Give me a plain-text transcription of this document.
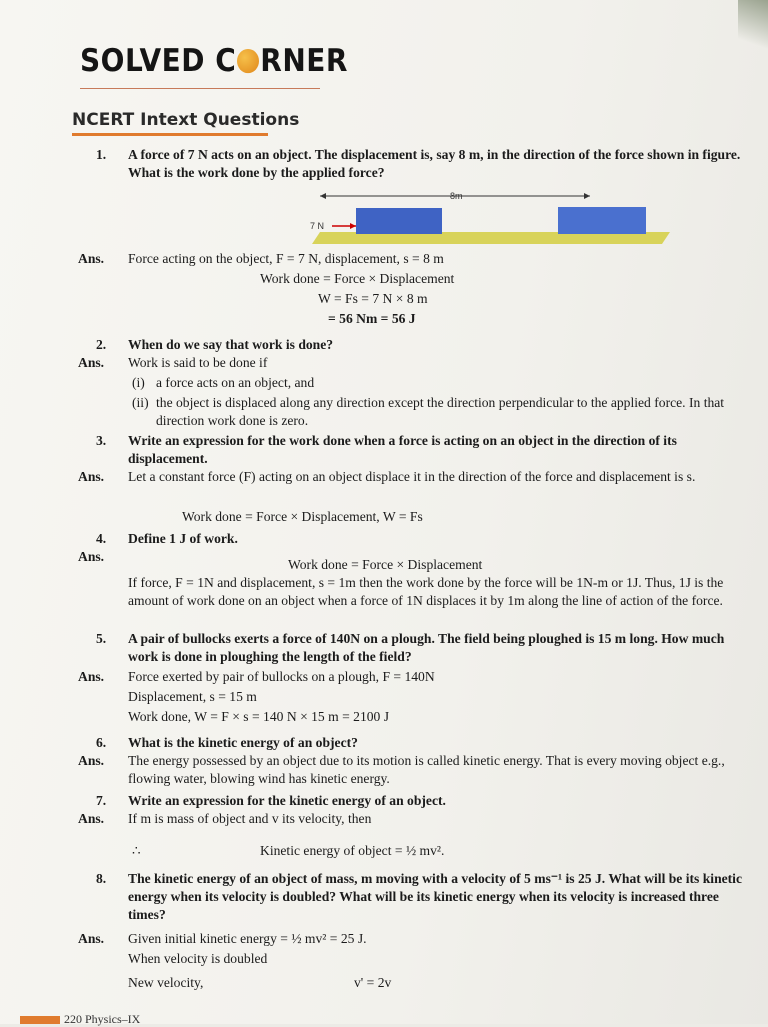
SOLVED C RNER
NCERT Intext Questions
1. A force of 7 N acts on an object. The displacement is, say 8 m, in the direction of the force shown in figure. What is the work done by the applied force?
8m
7 N
Ans. Force acting on the object, F = 7 N, displacement, s = 8 m
Work done = Force × Displacement
W = Fs = 7 N × 8 m
= 56 Nm = 56 J
2. When do we say that work is done?
Ans. Work is said to be done if
(i) a force acts on an object, and
(ii) the object is displaced along any direction except the direction perpendicular to the applied force. In that direction work done is zero.
3. Write an expression for the work done when a force is acting on an object in the direction of its displacement.
Ans. Let a constant force (F) acting on an object displace it in the direction of the force and displacement is s.
Work done = Force × Displacement, W = Fs
4. Define 1 J of work.
Ans.
Work done = Force × Displacement
If force, F = 1N and displacement, s = 1m then the work done by the force will be 1N-m or 1J. Thus, 1J is the amount of work done on an object when a force of 1N displaces it by 1m along the line of action of the force.
5. A pair of bullocks exerts a force of 140N on a plough. The field being ploughed is 15 m long. How much work is done in ploughing the length of the field?
Ans. Force exerted by pair of bullocks on a plough, F = 140N
Displacement, s = 15 m
Work done, W = F × s = 140 N × 15 m = 2100 J
6. What is the kinetic energy of an object?
Ans. The energy possessed by an object due to its motion is called kinetic energy. That is every moving object e.g., flowing water, blowing wind has kinetic energy.
7. Write an expression for the kinetic energy of an object.
Ans. If m is mass of object and v its velocity, then
∴	Kinetic energy of object = ½ mv².
8. The kinetic energy of an object of mass, m moving with a velocity of 5 ms⁻¹ is 25 J. What will be its kinetic energy when its velocity is doubled? What will be its kinetic energy when its velocity is increased three times?
Ans. Given initial kinetic energy = ½ mv² = 25 J.
When velocity is doubled
New velocity,	v' = 2v
220 Physics–IX
